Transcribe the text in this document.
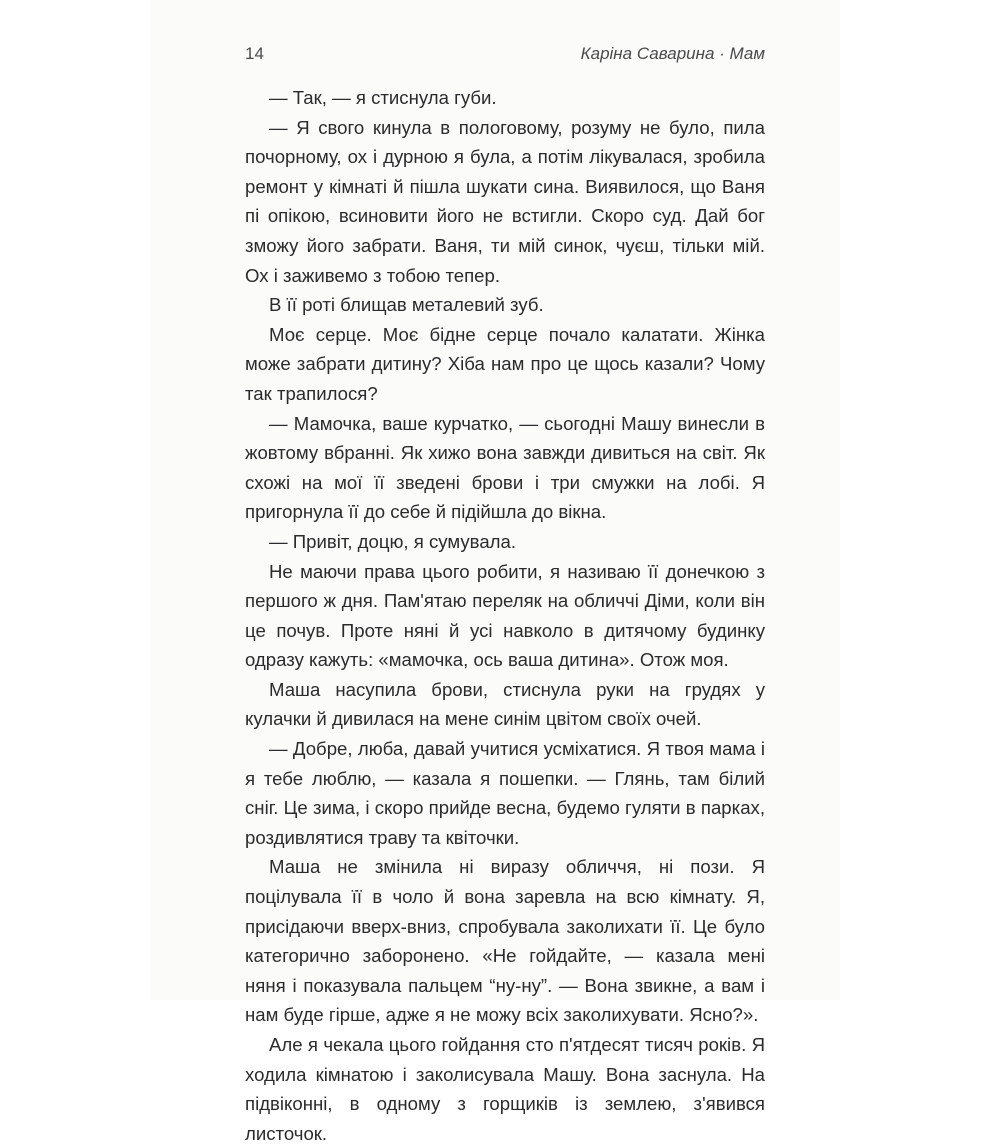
14	Каріна Саварина · Мам

— Так, — я стиснула губи.

— Я свого кинула в пологовому, розуму не було, пила почорному, ох і дурною я була, а потім лікувалася, зробила ремонт у кімнаті й пішла шукати сина. Виявилося, що Ваня пі опікою, всиновити його не встигли. Скоро суд. Дай бог зможу його забрати. Ваня, ти мій синок, чуєш, тільки мій. Ох і заживемо з тобою тепер.

В її роті блищав металевий зуб.

Моє серце. Моє бідне серце почало калатати. Жінка може забрати дитину? Хіба нам про це щось казали? Чому так трапилося?

— Мамочка, ваше курчатко, — сьогодні Машу винесли в жовтому вбранні. Як хижо вона завжди дивиться на світ. Як схожі на мої її зведені брови і три смужки на лобі. Я пригорнула її до себе й підійшла до вікна.

— Привіт, доцю, я сумувала.

Не маючи права цього робити, я називаю її донечкою з першого ж дня. Пам'ятаю переляк на обличчі Діми, коли він це почув. Проте няні й усі навколо в дитячому будинку одразу кажуть: «мамочка, ось ваша дитина». Отож моя.

Маша насупила брови, стиснула руки на грудях у кулачки й дивилася на мене синім цвітом своїх очей.

— Добре, люба, давай учитися усміхатися. Я твоя мама і я тебе люблю, — казала я пошепки. — Глянь, там білий сніг. Це зима, і скоро прийде весна, будемо гуляти в парках, роздивлятися траву та квіточки.

Маша не змінила ні виразу обличчя, ні пози. Я поцілувала її в чоло й вона заревла на всю кімнату. Я, присідаючи вверх-вниз, спробувала заколихати її. Це було категорично заборонено. «Не гойдайте, — казала мені няня і показувала пальцем “ну-ну”. — Вона звикне, а вам і нам буде гірше, адже я не можу всіх заколихувати. Ясно?».

Але я чекала цього гойдання сто п'ятдесят тисяч років. Я ходила кімнатою і заколисувала Машу. Вона заснула. На підвіконні, в одному з горщиків із землею, з'явився листочок.
